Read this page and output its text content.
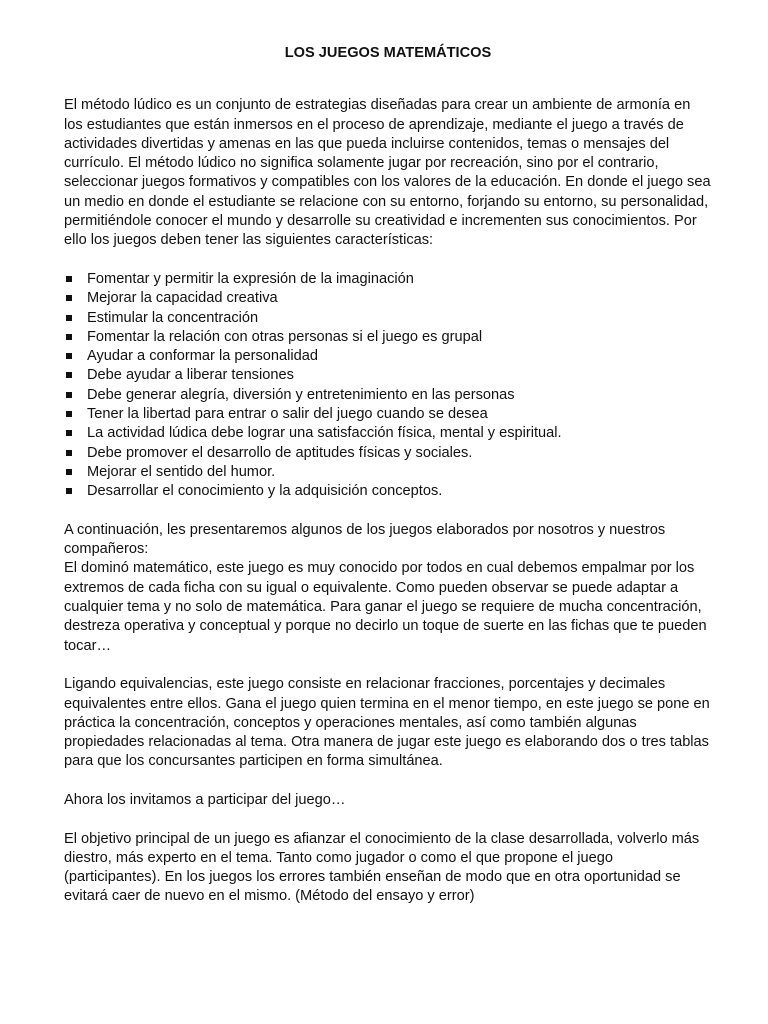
LOS JUEGOS MATEMÁTICOS

El método lúdico es un conjunto de estrategias diseñadas para crear un ambiente de armonía en los estudiantes que están inmersos en el proceso de aprendizaje, mediante el juego a través de actividades divertidas y amenas en las que pueda incluirse contenidos, temas o mensajes del currículo. El método lúdico no significa solamente jugar por recreación, sino por el contrario, seleccionar juegos formativos y compatibles con los valores de la educación. En donde el juego sea un medio en donde el estudiante se relacione con su entorno, forjando su entorno, su personalidad, permitiéndole conocer el mundo y desarrolle su creatividad e incrementen sus conocimientos. Por ello los juegos deben tener las siguientes características:

Fomentar y permitir la expresión de la imaginación
Mejorar la capacidad creativa
Estimular la concentración
Fomentar la relación con otras personas si el juego es grupal
Ayudar a conformar la personalidad
Debe ayudar a liberar tensiones
Debe generar alegría, diversión y entretenimiento en las personas
Tener la libertad para entrar o salir del juego cuando se desea
La actividad lúdica debe lograr una satisfacción física, mental y espiritual.
Debe promover el desarrollo de aptitudes físicas y sociales.
Mejorar el sentido del humor.
Desarrollar el conocimiento y la adquisición conceptos.

A continuación, les presentaremos algunos de los juegos elaborados por nosotros y nuestros compañeros:
El dominó matemático, este juego es muy conocido por todos en cual debemos empalmar por los extremos de cada ficha con su igual o equivalente. Como pueden observar se puede adaptar a cualquier tema y no solo de matemática. Para ganar el juego se requiere de mucha concentración, destreza operativa y conceptual y porque no decirlo un toque de suerte en las fichas que te pueden tocar…

Ligando equivalencias, este juego consiste en relacionar fracciones, porcentajes y decimales equivalentes entre ellos. Gana el juego quien termina en el menor tiempo, en este juego se pone en práctica la concentración, conceptos y operaciones mentales, así como también algunas propiedades relacionadas al tema. Otra manera de jugar este juego es elaborando dos o tres tablas para que los concursantes participen en forma simultánea.

Ahora los invitamos a participar del juego…

El objetivo principal de un juego es afianzar el conocimiento de la clase desarrollada, volverlo más diestro, más experto en el tema. Tanto como jugador o como el que propone el juego (participantes). En los juegos los errores también enseñan de modo que en otra oportunidad se evitará caer de nuevo en el mismo. (Método del ensayo y error)
